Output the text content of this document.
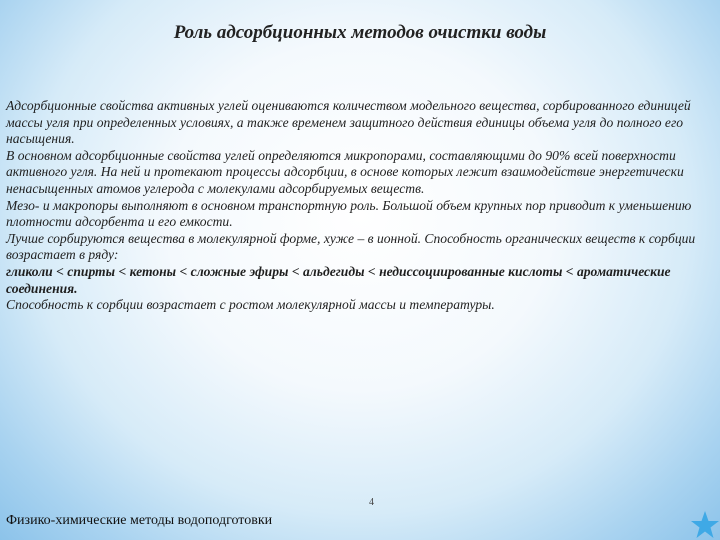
Роль адсорбционных методов очистки воды

Адсорбционные свойства активных углей оцениваются количеством модельного вещества, сорбированного единицей массы угля при определенных условиях, а также временем защитного действия единицы объема угля до полного его насыщения.

В основном адсорбционные свойства углей определяются микропорами, составляющими до 90% всей поверхности активного угля. На ней и протекают процессы адсорбции, в основе которых лежит взаимодействие энергетически ненасыщенных атомов углерода с молекулами адсорбируемых веществ.

Мезо- и макропоры выполняют в основном транспортную роль. Большой объем крупных пор приводит к уменьшению плотности адсорбента и его емкости.

Лучше сорбируются вещества в молекулярной форме, хуже – в ионной. Способность органических веществ к сорбции возрастает в ряду:

гликоли < спирты < кетоны < сложные эфиры < альдегиды < недиссоциированные кислоты < ароматические соединения.

Способность к сорбции возрастает с ростом молекулярной массы и температуры.

4
Физико-химические методы водоподготовки
